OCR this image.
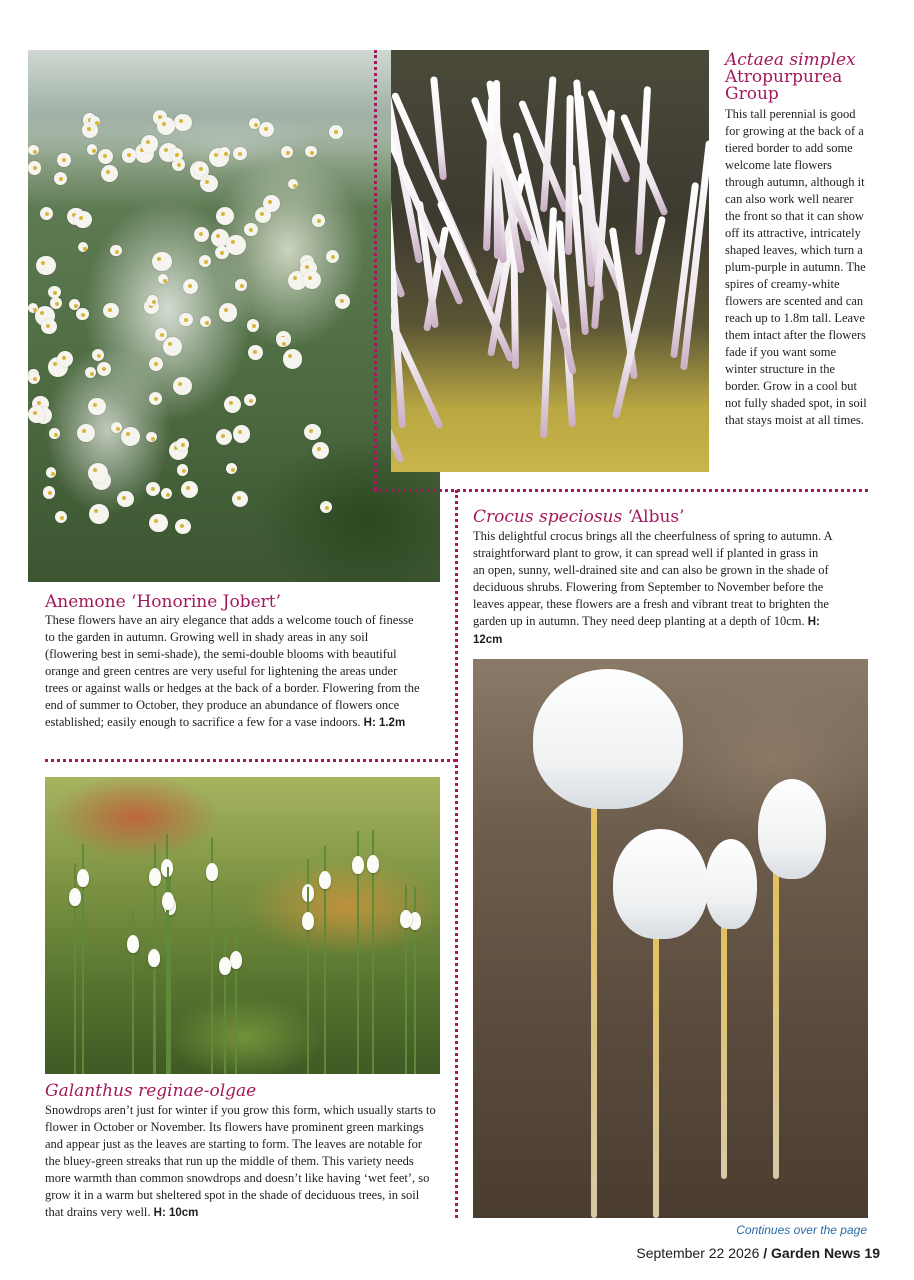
Actaea simplex
Atropurpurea Group
This tall perennial is good for growing at the back of a tiered border to add some welcome late flowers through autumn, although it can also work well nearer the front so that it can show off its attractive, intricately shaped leaves, which turn a plum-purple in autumn. The spires of creamy-white flowers are scented and can reach up to 1.8m tall. Leave them intact after the flowers fade if you want some winter structure in the border. Grow in a cool but not fully shaded spot, in soil that stays moist at all times.
Anemone ‘Honorine Jobert’
These flowers have an airy elegance that adds a welcome touch of finesse to the garden in autumn. Growing well in shady areas in any soil (flowering best in semi-shade), the semi-double blooms with beautiful orange and green centres are very useful for lightening the areas under trees or against walls or hedges at the back of a border. Flowering from the end of summer to October, they produce an abundance of flowers once established; easily enough to sacrifice a few for a vase indoors. H: 1.2m
Crocus speciosus ‘Albus’
This delightful crocus brings all the cheerfulness of spring to autumn. A straightforward plant to grow, it can spread well if planted in grass in an open, sunny, well-drained site and can also be grown in the shade of deciduous shrubs. Flowering from September to November before the leaves appear, these flowers are a fresh and vibrant treat to brighten the garden up in autumn. They need deep planting at a depth of 10cm. H: 12cm
Galanthus reginae-olgae
Snowdrops aren’t just for winter if you grow this form, which usually starts to flower in October or November. Its flowers have prominent green markings and appear just as the leaves are starting to form. The leaves are notable for the bluey-green streaks that run up the middle of them. This variety needs more warmth than common snowdrops and doesn’t like having ‘wet feet’, so grow it in a warm but sheltered spot in the shade of deciduous trees, in soil that drains very well. H: 10cm
Continues over the page
September 22 2026 / Garden News 19
